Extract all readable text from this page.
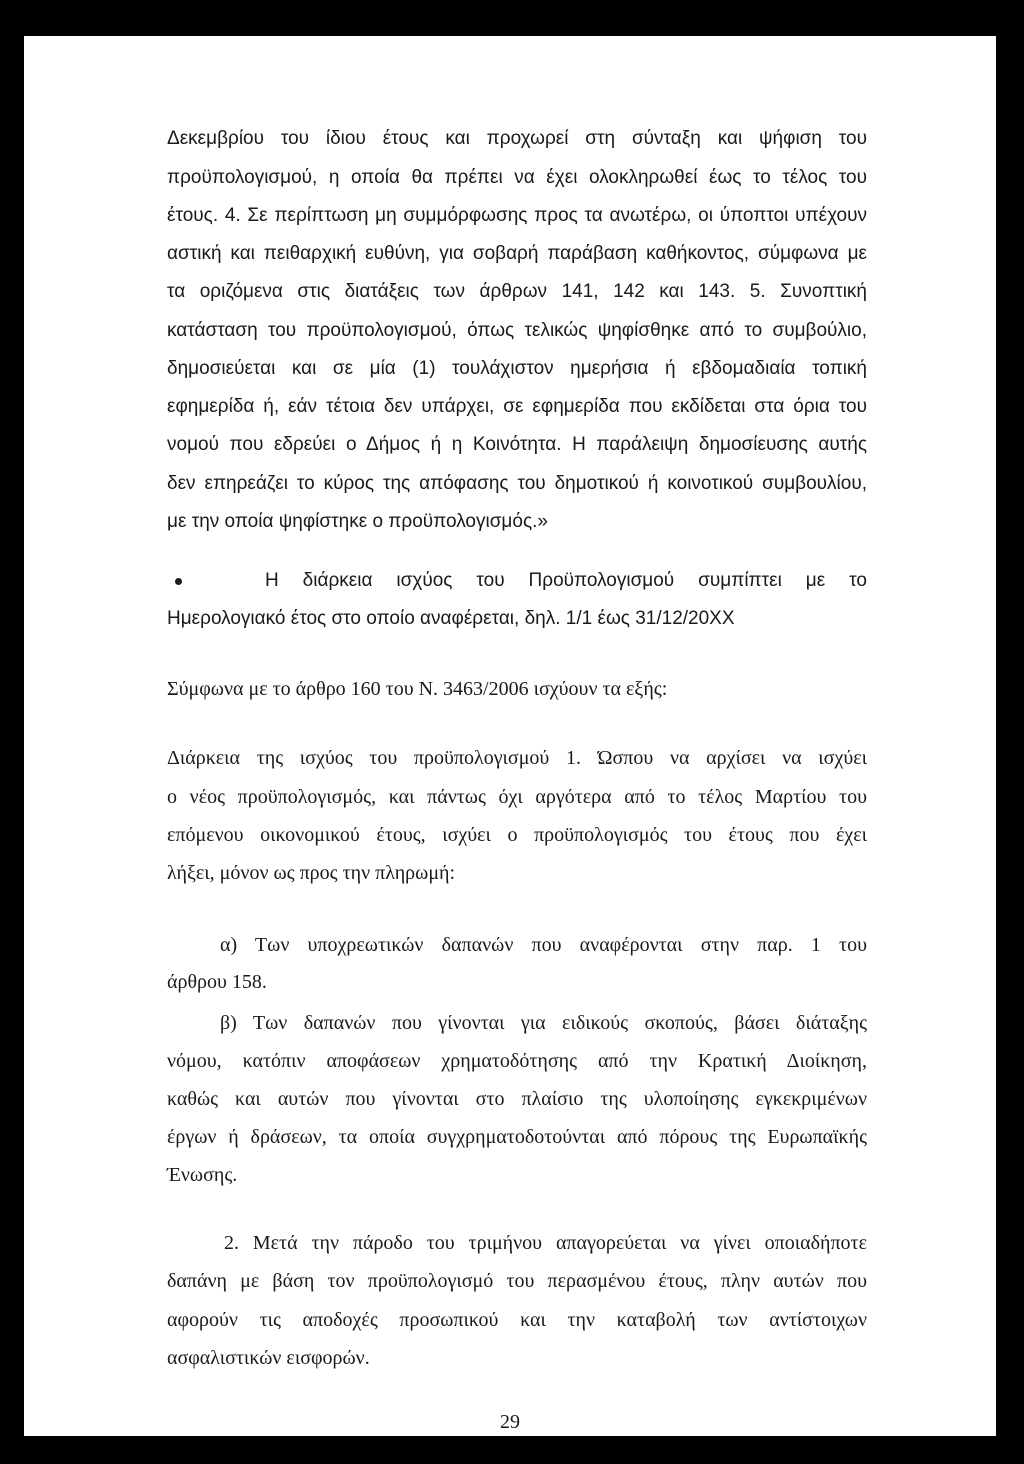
Δεκεμβρίου του ίδιου έτους και προχωρεί στη σύνταξη και ψήφιση του
προϋπολογισμού, η οποία θα πρέπει να έχει ολοκληρωθεί έως το τέλος του
έτους. 4. Σε περίπτωση μη συμμόρφωσης προς τα ανωτέρω, οι ύποπτοι υπέχουν
αστική και πειθαρχική ευθύνη, για σοβαρή παράβαση καθήκοντος, σύμφωνα με
τα οριζόμενα στις διατάξεις των άρθρων 141, 142 και 143. 5. Συνοπτική
κατάσταση του προϋπολογισμού, όπως τελικώς ψηφίσθηκε από το συμβούλιο,
δημοσιεύεται και σε μία (1) τουλάχιστον ημερήσια ή εβδομαδιαία τοπική
εφημερίδα ή, εάν τέτοια δεν υπάρχει, σε εφημερίδα που εκδίδεται στα όρια του
νομού που εδρεύει ο Δήμος ή η Κοινότητα. Η παράλειψη δημοσίευσης αυτής
δεν επηρεάζει το κύρος της απόφασης του δημοτικού ή κοινοτικού συμβουλίου,
με την οποία ψηφίστηκε ο προϋπολογισμός.»
Η διάρκεια ισχύος του Προϋπολογισμού συμπίπτει με το
Ημερολογιακό έτος στο οποίο αναφέρεται, δηλ. 1/1 έως 31/12/20XX
Σύμφωνα με το άρθρο 160 του Ν. 3463/2006 ισχύουν τα εξής:
Διάρκεια της ισχύος του προϋπολογισμού 1. Ώσπου να αρχίσει να ισχύει
ο νέος προϋπολογισμός, και πάντως όχι αργότερα από το τέλος Μαρτίου του
επόμενου οικονομικού έτους, ισχύει ο προϋπολογισμός του έτους που έχει
λήξει, μόνον ως προς την πληρωμή:
α) Των υποχρεωτικών δαπανών που αναφέρονται στην παρ. 1 του
άρθρου 158.
β) Των δαπανών που γίνονται για ειδικούς σκοπούς, βάσει διάταξης
νόμου, κατόπιν αποφάσεων χρηματοδότησης από την Κρατική Διοίκηση,
καθώς και αυτών που γίνονται στο πλαίσιο της υλοποίησης εγκεκριμένων
έργων ή δράσεων, τα οποία συγχρηματοδοτούνται από πόρους της Ευρωπαϊκής
Ένωσης.
2. Μετά την πάροδο του τριμήνου απαγορεύεται να γίνει οποιαδήποτε
δαπάνη με βάση τον προϋπολογισμό του περασμένου έτους, πλην αυτών που
αφορούν τις αποδοχές προσωπικού και την καταβολή των αντίστοιχων
ασφαλιστικών εισφορών.
29
